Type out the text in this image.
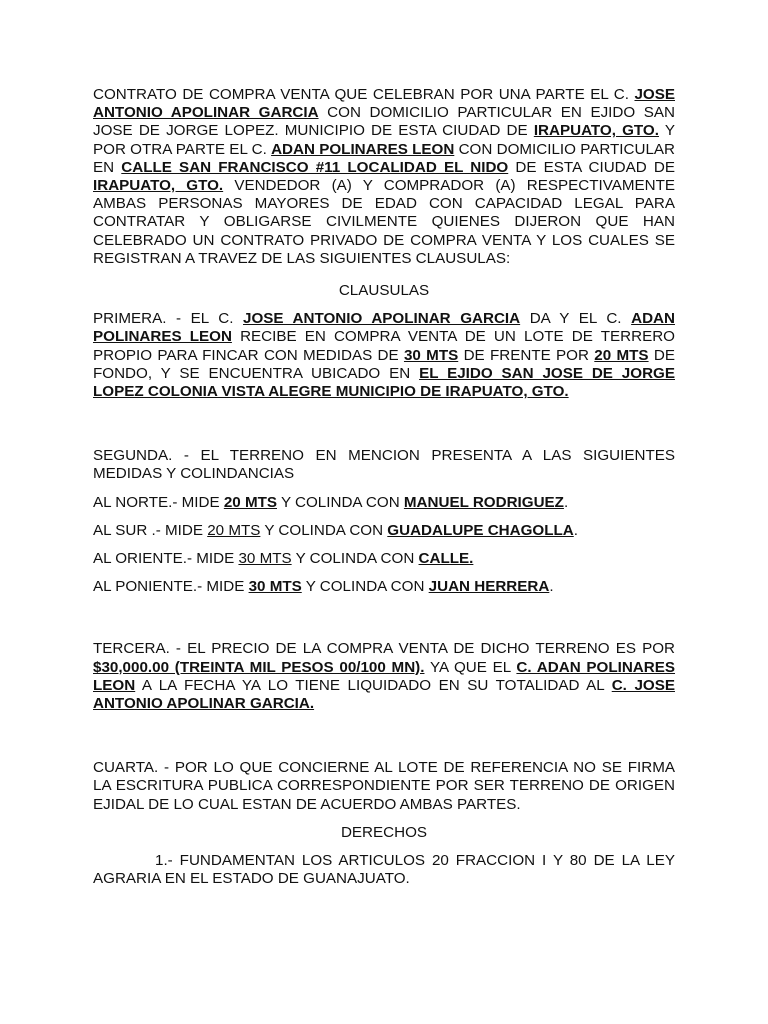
CONTRATO DE COMPRA VENTA QUE CELEBRAN POR UNA PARTE EL C. JOSE ANTONIO APOLINAR GARCIA CON DOMICILIO PARTICULAR EN EJIDO SAN JOSE DE JORGE LOPEZ. MUNICIPIO DE ESTA CIUDAD DE IRAPUATO, GTO. Y POR OTRA PARTE EL C. ADAN POLINARES LEON CON DOMICILIO PARTICULAR EN CALLE SAN FRANCISCO #11 LOCALIDAD EL NIDO DE ESTA CIUDAD DE IRAPUATO, GTO. VENDEDOR (A) Y COMPRADOR (A) RESPECTIVAMENTE AMBAS PERSONAS MAYORES DE EDAD CON CAPACIDAD LEGAL PARA CONTRATAR Y OBLIGARSE CIVILMENTE QUIENES DIJERON QUE HAN CELEBRADO UN CONTRATO PRIVADO DE COMPRA VENTA Y LOS CUALES SE REGISTRAN A TRAVEZ DE LAS SIGUIENTES CLAUSULAS:

CLAUSULAS

PRIMERA. - EL C. JOSE ANTONIO APOLINAR GARCIA DA Y EL C. ADAN POLINARES LEON RECIBE EN COMPRA VENTA DE UN LOTE DE TERRERO PROPIO PARA FINCAR CON MEDIDAS DE 30 MTS DE FRENTE POR 20 MTS DE FONDO, Y SE ENCUENTRA UBICADO EN EL EJIDO SAN JOSE DE JORGE LOPEZ COLONIA VISTA ALEGRE MUNICIPIO DE IRAPUATO, GTO.

SEGUNDA. - EL TERRENO EN MENCION PRESENTA A LAS SIGUIENTES MEDIDAS Y COLINDANCIAS

AL NORTE.- MIDE 20 MTS Y COLINDA CON MANUEL RODRIGUEZ.

AL SUR .- MIDE 20 MTS Y COLINDA CON GUADALUPE CHAGOLLA.

AL ORIENTE.- MIDE 30 MTS Y COLINDA CON CALLE.

AL PONIENTE.- MIDE 30 MTS Y COLINDA CON JUAN HERRERA.

TERCERA. - EL PRECIO DE LA COMPRA VENTA DE DICHO TERRENO ES POR $30,000.00 (TREINTA MIL PESOS 00/100 MN). YA QUE EL C. ADAN POLINARES LEON A LA FECHA YA LO TIENE LIQUIDADO EN SU TOTALIDAD AL C. JOSE ANTONIO APOLINAR GARCIA.

CUARTA. - POR LO QUE CONCIERNE AL LOTE DE REFERENCIA NO SE FIRMA LA ESCRITURA PUBLICA CORRESPONDIENTE POR SER TERRENO DE ORIGEN EJIDAL DE LO CUAL ESTAN DE ACUERDO AMBAS PARTES.

DERECHOS

1.- FUNDAMENTAN LOS ARTICULOS 20 FRACCION I Y 80 DE LA LEY AGRARIA EN EL ESTADO DE GUANAJUATO.
